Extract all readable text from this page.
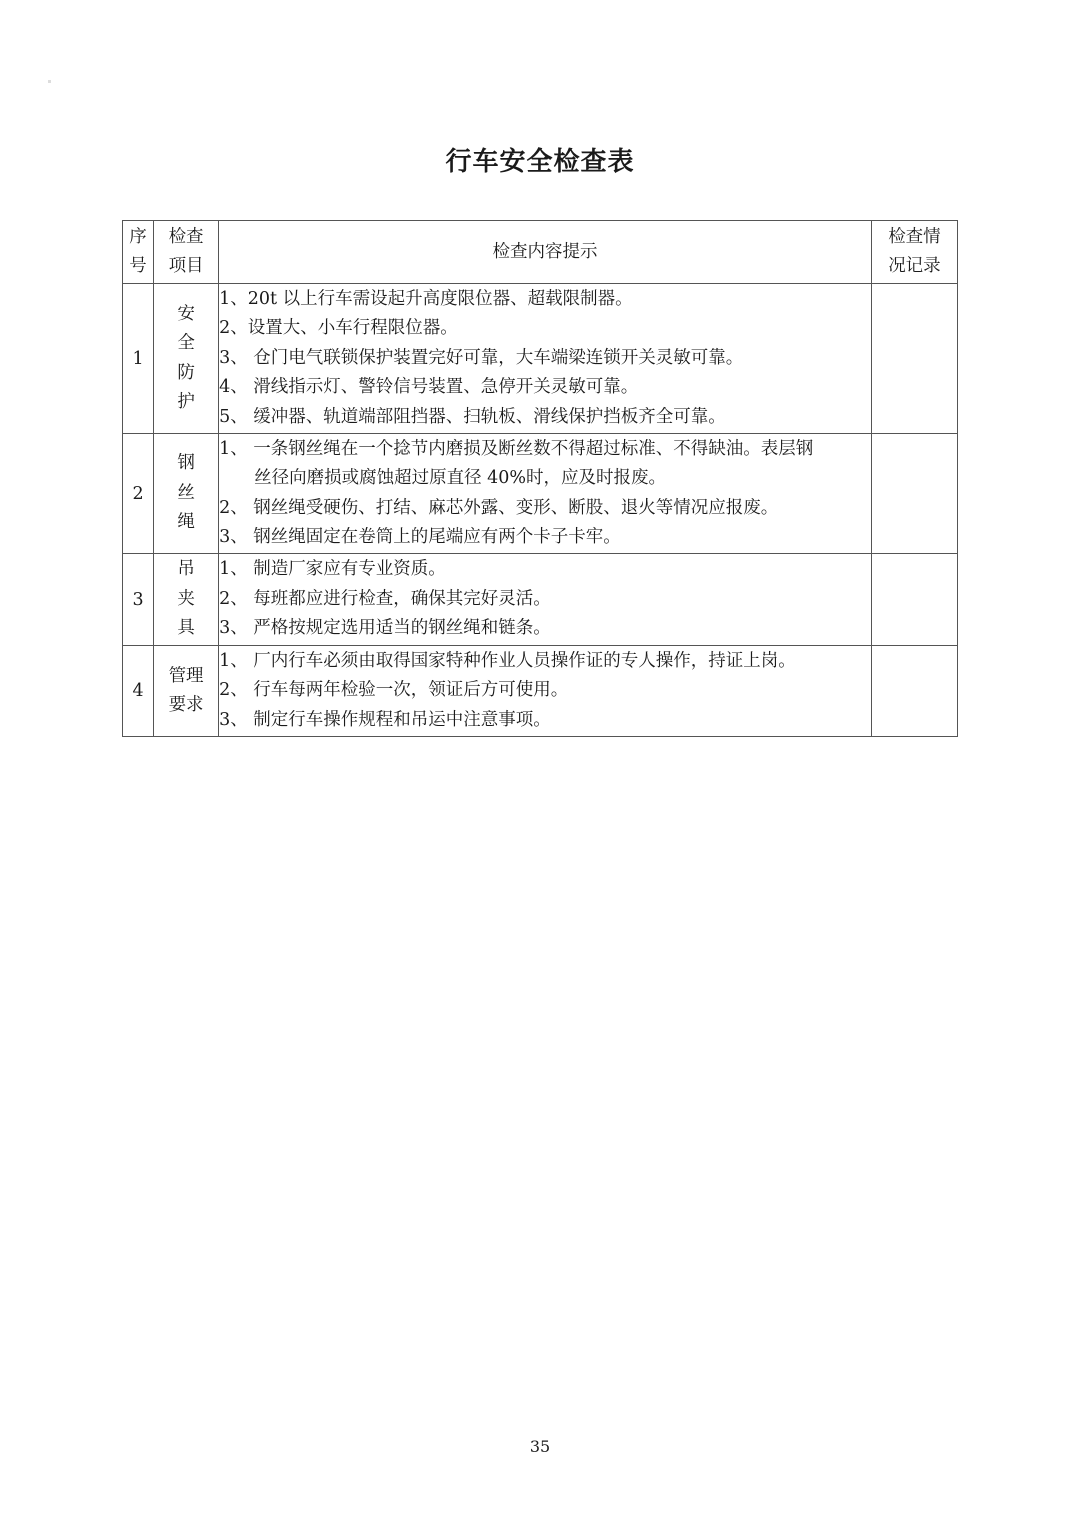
行车安全检查表
序号	检查项目	检查内容提示	检查情况记录
1	安全防护	1、20t 以上行车需设起升高度限位器、超载限制器。
2、设置大、小车行程限位器。
3、 仓门电气联锁保护装置完好可靠，大车端梁连锁开关灵敏可靠。
4、 滑线指示灯、警铃信号装置、急停开关灵敏可靠。
5、 缓冲器、轨道端部阻挡器、扫轨板、滑线保护挡板齐全可靠。	

2	钢丝绳	1、 一条钢丝绳在一个捻节内磨损及断丝数不得超过标准、不得缺油。表层钢
丝径向磨损或腐蚀超过原直径 40%时，应及时报废。
2、 钢丝绳受硬伤、打结、麻芯外露、变形、断股、退火等情况应报废。
3、 钢丝绳固定在卷筒上的尾端应有两个卡子卡牢。	

3	吊夹具	1、 制造厂家应有专业资质。
2、 每班都应进行检查，确保其完好灵活。
3、 严格按规定选用适当的钢丝绳和链条。	

4	管理要求	1、 厂内行车必须由取得国家特种作业人员操作证的专人操作，持证上岗。
2、 行车每两年检验一次，领证后方可使用。
3、 制定行车操作规程和吊运中注意事项。	

35
